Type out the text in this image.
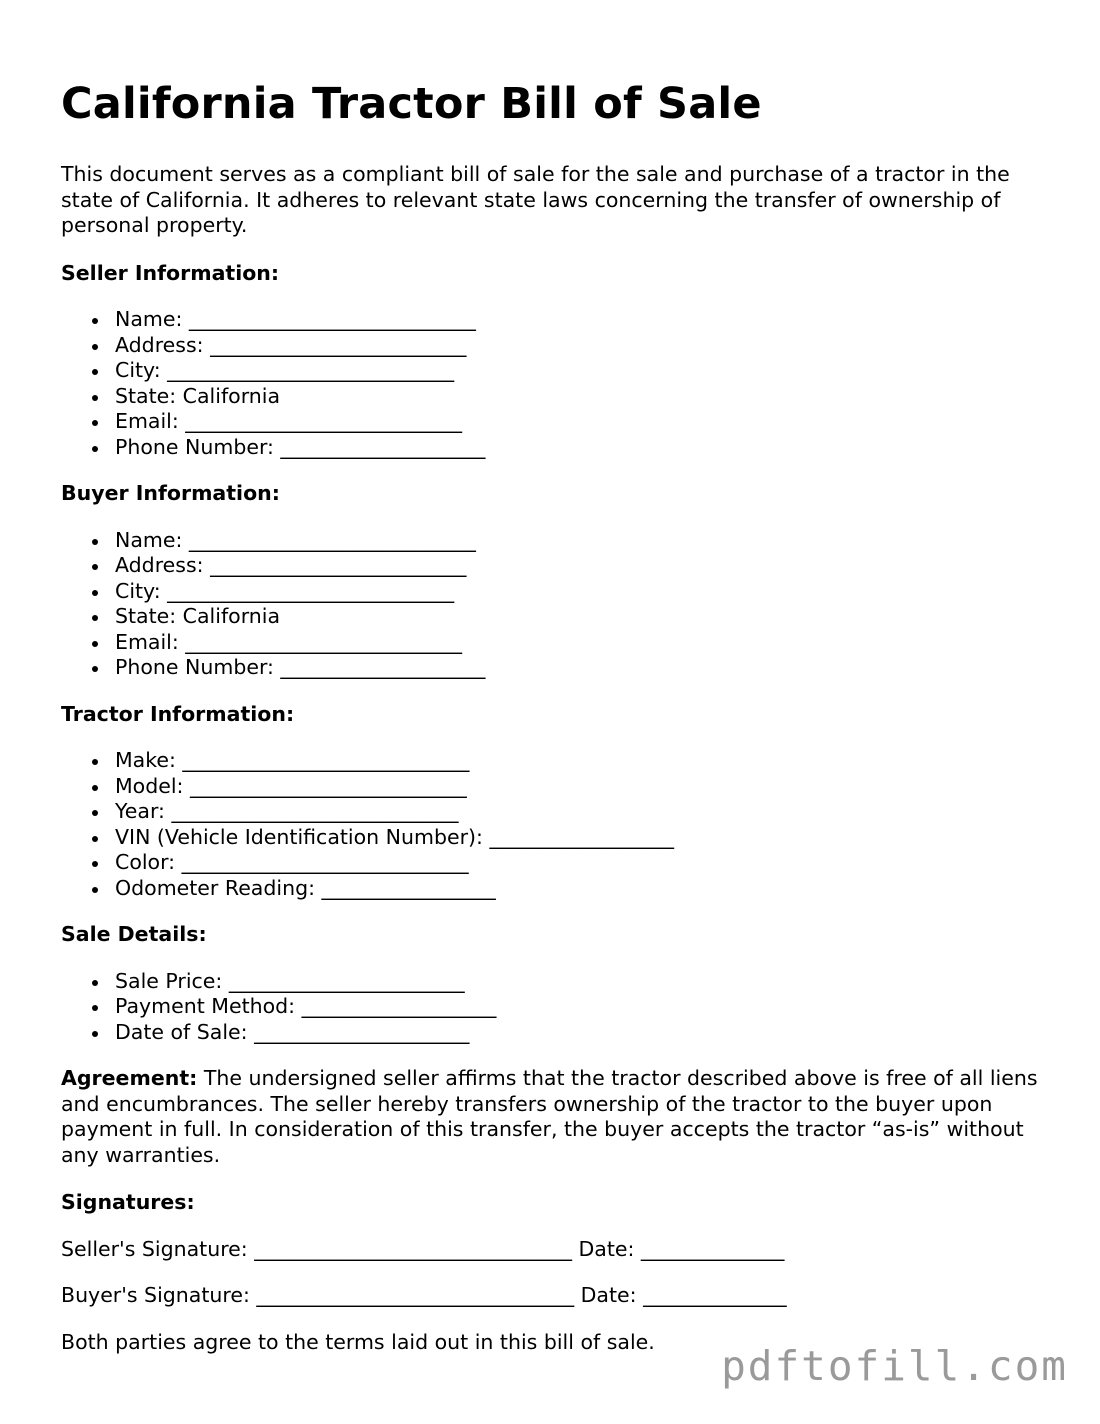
California Tractor Bill of Sale

This document serves as a compliant bill of sale for the sale and purchase of a tractor in the state of California. It adheres to relevant state laws concerning the transfer of ownership of personal property.

Seller Information:
Name: ____________________________
Address: _________________________
City: ____________________________
State: California
Email: ___________________________
Phone Number: ____________________
Buyer Information:
Name: ____________________________
Address: _________________________
City: ____________________________
State: California
Email: ___________________________
Phone Number: ____________________
Tractor Information:
Make: ____________________________
Model: ___________________________
Year: ____________________________
VIN (Vehicle Identification Number): __________________
Color: ____________________________
Odometer Reading: _________________
Sale Details:
Sale Price: _______________________
Payment Method: ___________________
Date of Sale: _____________________

Agreement: The undersigned seller affirms that the tractor described above is free of all liens and encumbrances. The seller hereby transfers ownership of the tractor to the buyer upon payment in full. In consideration of this transfer, the buyer accepts the tractor “as-is” without any warranties.

Signatures:
Seller's Signature: _______________________________ Date: ______________
Buyer's Signature: _______________________________ Date: ______________

Both parties agree to the terms laid out in this bill of sale.

pdftofill.com
